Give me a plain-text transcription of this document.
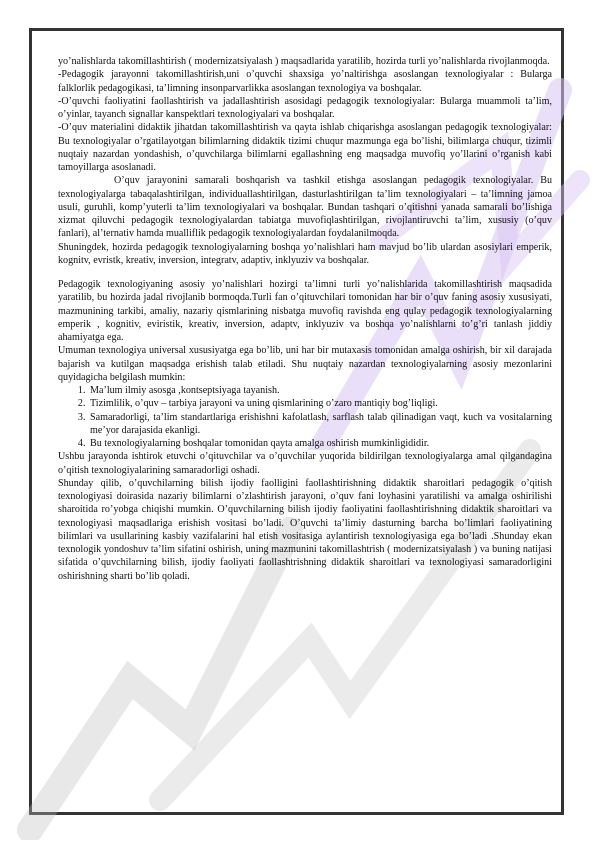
yo’nalishlarda takomillashtirish ( modernizatsiyalash ) maqsadlarida yaratilib, hozirda turli yo’nalishlarda rivojlanmoqda.

-Pedagogik jarayonni takomillashtirish,uni o’quvchi shaxsiga yo’naltirishga asoslangan texnologiyalar : Bularga falklorlik pedagogikasi, ta’limning insonparvarlikka asoslangan texnologiya va boshqalar.

-O’quvchi faoliyatini faollashtirish va jadallashtirish asosidagi pedagogik texnologiyalar: Bularga muammoli ta’lim, o’yinlar, tayanch signallar kanspektlari texnologiyalari va boshqalar.

-O’quv materialini didaktik jihatdan takomillashtirish va qayta ishlab chiqarishga asoslangan pedagogik texnologiyalar: Bu texnologiyalar o’rgatilayotgan bilimlarning didaktik tizimi chuqur mazmunga ega bo’lishi, bilimlarga chuqur, tizimli nuqtaiy nazardan yondashish, o’quvchilarga bilimlarni egallashning eng maqsadga muvofiq yo’llarini o’rganish kabi tamoyillarga asoslanadi.

O’quv jarayonini samarali boshqarish va tashkil etishga asoslangan pedagogik texnologiyalar. Bu texnologiyalarga tabaqalashtirilgan, individuallashtirilgan, dasturlashtirilgan ta’lim texnologiyalari – ta’limning jamoa usuli, guruhli, komp’yuterli ta’lim texnologiyalari va boshqalar. Bundan tashqari o’qitishni yanada samarali bo’lishiga xizmat qiluvchi pedagogik texnologiyalardan tabiatga muvofiqlashtirilgan, rivojlantiruvchi ta’lim, xususiy (o’quv fanlari), al’ternativ hamda mualliflik pedagogik texnologiyalardan foydalanilmoqda.

Shuningdek, hozirda pedagogik texnologiyalarning boshqa yo’nalishlari ham mavjud bo’lib ulardan asosiylari emperik, kognitv, evristk, kreativ, inversion, integratv, adaptiv, inklyuziv va boshqalar.

Pedagogik texnologiyaning asosiy yo’nalishlari hozirgi ta’limni turli yo’nalishlarida takomillashtirish maqsadida yaratilib, bu hozirda jadal rivojlanib bormoqda.Turli fan o’qituvchilari tomonidan har bir o’quv faning asosiy xususiyati, mazmunining tarkibi, amaliy, nazariy qismlarining nisbatga muvofiq ravishda eng qulay pedagogik texnologiyalarning emperik , kognitiv, eviristik, kreativ, inversion, adaptv, inklyuziv va boshqa yo’nalishlarni to’g’ri tanlash jiddiy ahamiyatga ega.

Umuman texnologiya universal xususiyatga ega bo’lib, uni har bir mutaxasis tomonidan amalga oshirish, bir xil darajada bajarish va kutilgan maqsadga erishish talab etiladi. Shu nuqtaiy nazardan texnologiyalarning asosiy mezonlarini quyidagicha belgilash mumkin:

1. Ma’lum ilmiy asosga ,kontseptsiyaga tayanish.
2. Tizimlilik, o’quv – tarbiya jarayoni va uning qismlarining o’zaro mantiqiy bog’liqligi.
3. Samaradorligi, ta’lim standartlariga erishishni kafolatlash, sarflash talab qilinadigan vaqt, kuch va vositalarning me’yor darajasida ekanligi.
4. Bu texnologiyalarning boshqalar tomonidan qayta amalga oshirish mumkinligididir.

Ushbu jarayonda ishtirok etuvchi o’qituvchilar va o’quvchilar yuqorida bildirilgan texnologiyalarga amal qilgandagina o’qitish texnologiyalarining samaradorligi oshadi.

Shunday qilib, o’quvchilarning bilish ijodiy faolligini faollashtirishning didaktik sharoitlari pedagogik o’qitish texnologiyasi doirasida nazariy bilimlarni o’zlashtirish jarayoni, o’quv fani loyhasini yaratilishi va amalga oshirilishi sharoitida ro’yobga chiqishi mumkin. O’quvchilarning bilish ijodiy faoliyatini faollashtirishning didaktik sharoitlari va texnologiyasi maqsadlariga erishish vositasi bo’ladi. O’quvchi ta’limiy dasturning barcha bo’limlari faoliyatining bilimlari va usullarining kasbiy vazifalarini hal etish vositasiga aylantirish texnologiyasiga ega bo’ladi .Shunday ekan texnologik yondoshuv ta’lim sifatini oshirish, uning mazmunini takomillashtrish ( modernizatsiyalash ) va buning natijasi sifatida o’quvchilarning bilish, ijodiy faoliyati faollashtrishning didaktik sharoitlari va texnologiyasi samaradorligini oshirishning sharti bo’lib qoladi.
